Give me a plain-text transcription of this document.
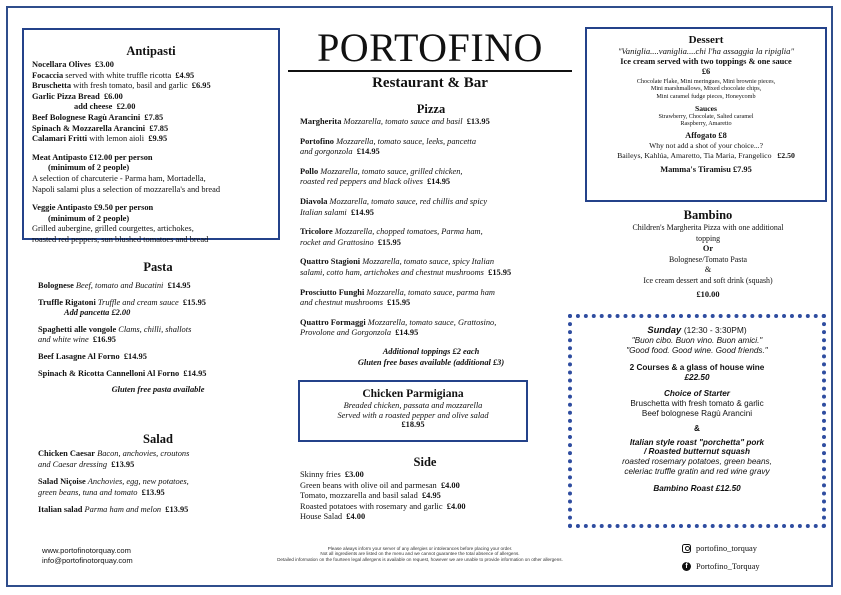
Antipasti
Nocellara Olives £3.00
Focaccia served with white truffle ricotta £4.95
Bruschetta with fresh tomato, basil and garlic £6.95
Garlic Pizza Bread £6.00
add cheese £2.00
Beef Bolognese Ragù Arancini £7.85
Spinach & Mozzarella Arancini £7.85
Calamari Fritti with lemon aioli £9.95
Meat Antipasto £12.00 per person
(minimum of 2 people)
A selection of charcuterie - Parma ham, Mortadella,
Napoli salami plus a selection of mozzarella's and bread
Veggie Antipasto £9.50 per person
(minimum of 2 people)
Grilled aubergine, grilled courgettes, artichokes,
roasted red peppers, sun blushed tomatoes and bread
Pasta
Bolognese Beef, tomato and Bucatini £14.95
Truffle Rigatoni Truffle and cream sauce £15.95
Add pancetta £2.00
Spaghetti alle vongole Clams, chilli, shallots
and white wine £16.95
Beef Lasagne Al Forno £14.95
Spinach & Ricotta Cannelloni Al Forno £14.95
Gluten free pasta available
Salad
Chicken Caesar Bacon, anchovies, croutons
and Caesar dressing £13.95
Salad Niçoise Anchovies, egg, new potatoes,
green beans, tuna and tomato £13.95
Italian salad Parma ham and melon £13.95
www.portofinotorquay.com
info@portofinotorquay.com
PORTOFINO
Restaurant & Bar
Pizza
Margherita Mozzarella, tomato sauce and basil £13.95
Portofino Mozzarella, tomato sauce, leeks, pancetta
and gorgonzola £14.95
Pollo Mozzarella, tomato sauce, grilled chicken,
roasted red peppers and black olives £14.95
Diavola Mozzarella, tomato sauce, red chillis and spicy
Italian salami £14.95
Tricolore Mozzarella, chopped tomatoes, Parma ham,
rocket and Grattosino £15.95
Quattro Stagioni Mozzarella, tomato sauce, spicy Italian
salami, cotto ham, artichokes and chestnut mushrooms £15.95
Prosciutto Funghi Mozzarella, tomato sauce, parma ham
and chestnut mushrooms £15.95
Quattro Formaggi Mozzarella, tomato sauce, Grattosino,
Provolone and Gorgonzola £14.95
Additional toppings £2 each
Gluten free bases available (additional £3)
Chicken Parmigiana
Breaded chicken, passata and mozzarella
Served with a roasted pepper and olive salad
£18.95
Side
Skinny fries £3.00
Green beans with olive oil and parmesan £4.00
Tomato, mozzarella and basil salad £4.95
Roasted potatoes with rosemary and garlic £4.00
House Salad £4.00
Please always inform your server of any allergies or intolerances before placing your order.
Not all ingredients are listed on the menu and we cannot guarantee the total absence of allergens.
Detailed information on the fourteen legal allergens is available on request, however we are unable to provide information on other allergens.
Dessert
"Vaniglia....vaniglia....chi l'ha assaggia la ripiglia"
Ice cream served with two toppings & one sauce
£6
Chocolate Flake, Mini meringues, Mini brownie pieces,
Mini marshmallows, Mixed chocolate chips,
Mini caramel fudge pieces, Honeycomb
Sauces
Strawberry, Chocolate, Salted caramel
Raspberry, Amaretto
Affogato £8
Why not add a shot of your choice...?
Baileys, Kahlúa, Amaretto, Tia Maria, Frangelico £2.50
Mamma's Tiramisu £7.95
Bambino
Children's Margherita Pizza with one additional
topping
Or
Bolognese/Tomato Pasta
&
Ice cream dessert and soft drink (squash)
£10.00
Sunday (12:30 - 3:30PM)
"Buon cibo. Buon vino. Buon amici."
"Good food. Good wine. Good friends."
2 Courses & a glass of house wine
£22.50
Choice of Starter
Bruschetta with fresh tomato & garlic
Beef bolognese Ragù Arancini
&
Italian style roast "porchetta" pork
/ Roasted butternut squash
roasted rosemary potatoes, green beans,
celeriac truffle gratin and red wine gravy
Bambino Roast £12.50
portofino_torquay
f Portofino_Torquay
